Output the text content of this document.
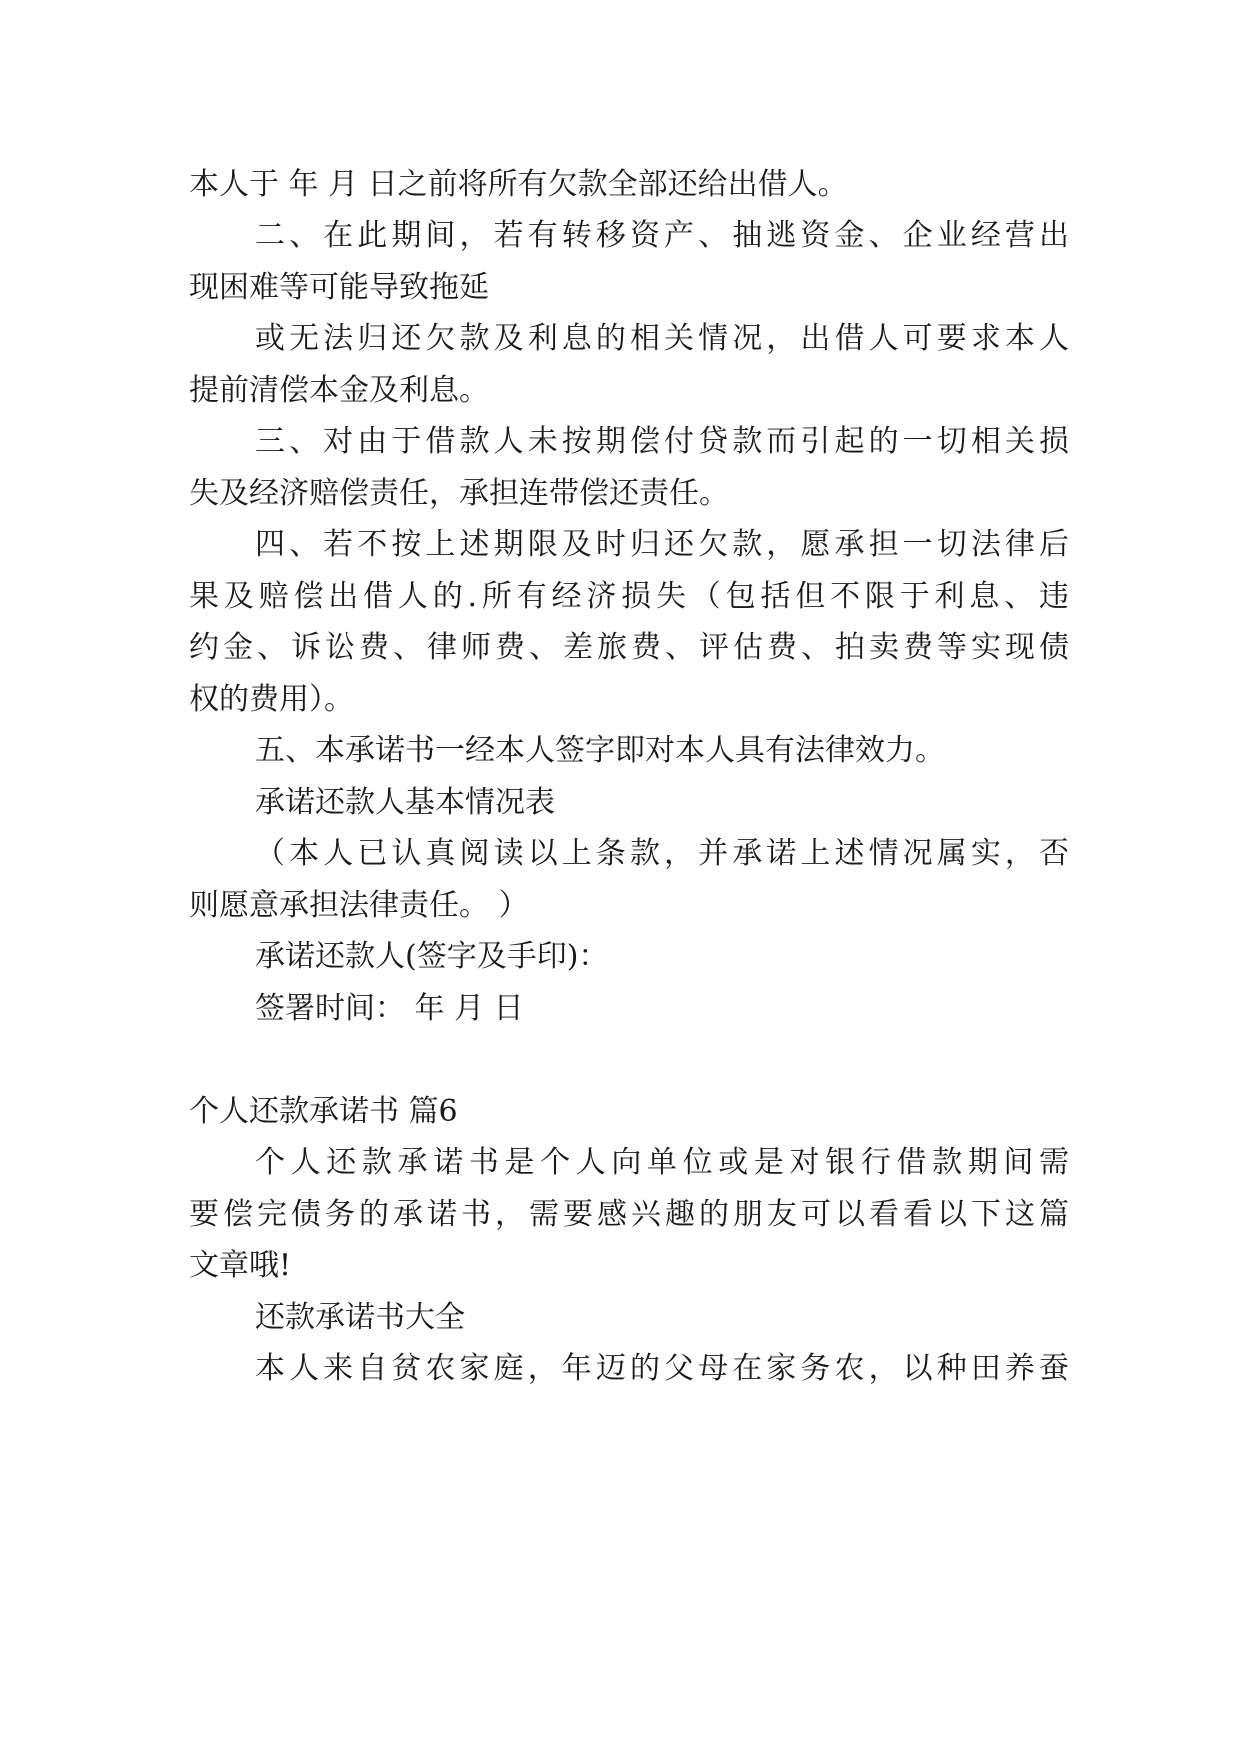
本人于 年 月 日之前将所有欠款全部还给出借人。
二、在此期间，若有转移资产、抽逃资金、企业经营出
现困难等可能导致拖延
或无法归还欠款及利息的相关情况，出借人可要求本人
提前清偿本金及利息。
三、对由于借款人未按期偿付贷款而引起的一切相关损
失及经济赔偿责任，承担连带偿还责任。
四、若不按上述期限及时归还欠款，愿承担一切法律后
果及赔偿出借人的.所有经济损失（包括但不限于利息、违
约金、诉讼费、律师费、差旅费、评估费、拍卖费等实现债
权的费用）。
五、本承诺书一经本人签字即对本人具有法律效力。
承诺还款人基本情况表
（本人已认真阅读以上条款，并承诺上述情况属实，否
则愿意承担法律责任。 ）
承诺还款人(签字及手印)：
签署时间： 年 月 日
个人还款承诺书 篇6
个人还款承诺书是个人向单位或是对银行借款期间需
要偿完债务的承诺书，需要感兴趣的朋友可以看看以下这篇
文章哦!
还款承诺书大全
本人来自贫农家庭，年迈的父母在家务农，以种田养蚕
